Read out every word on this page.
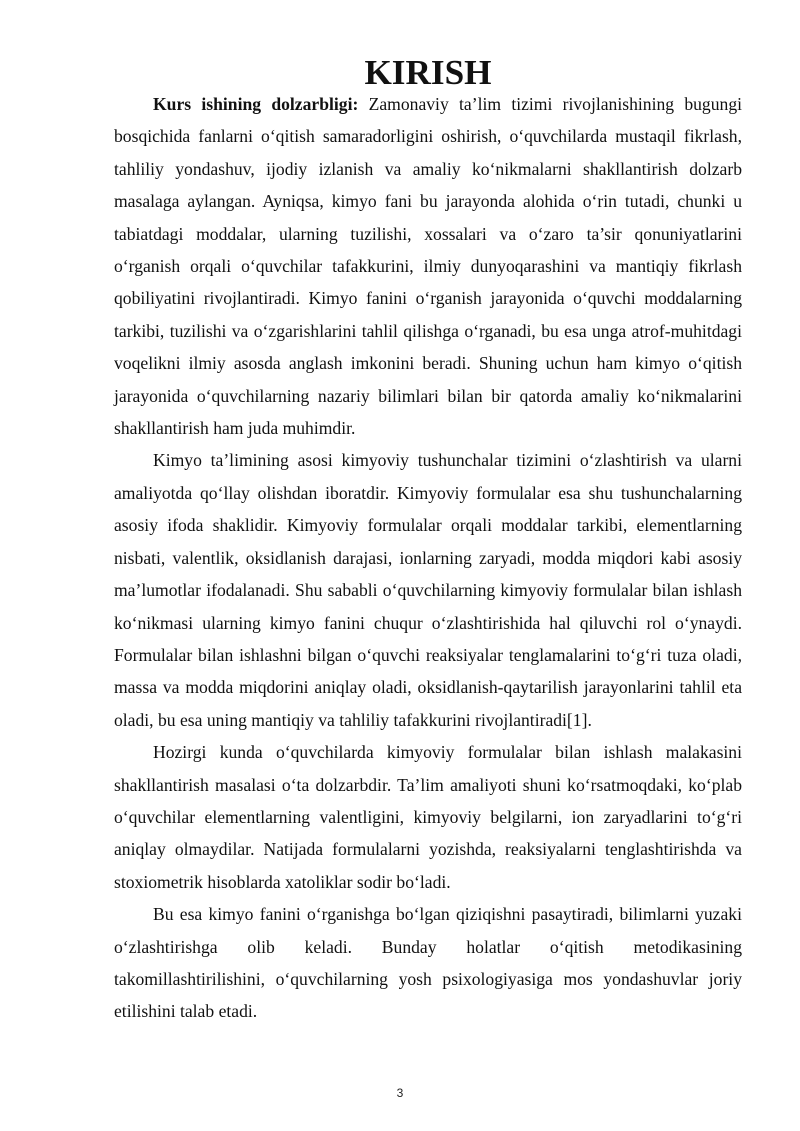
KIRISH

Kurs ishining dolzarbligi: Zamonaviy ta’lim tizimi rivojlanishining bugungi bosqichida fanlarni o‘qitish samaradorligini oshirish, o‘quvchilarda mustaqil fikrlash, tahliliy yondashuv, ijodiy izlanish va amaliy ko‘nikmalarni shakllantirish dolzarb masalaga aylangan. Ayniqsa, kimyo fani bu jarayonda alohida o‘rin tutadi, chunki u tabiatdagi moddalar, ularning tuzilishi, xossalari va o‘zaro ta’sir qonuniyatlarini o‘rganish orqali o‘quvchilar tafakkurini, ilmiy dunyoqarashini va mantiqiy fikrlash qobiliyatini rivojlantiradi. Kimyo fanini o‘rganish jarayonida o‘quvchi moddalarning tarkibi, tuzilishi va o‘zgarishlarini tahlil qilishga o‘rganadi, bu esa unga atrof-muhitdagi voqelikni ilmiy asosda anglash imkonini beradi. Shuning uchun ham kimyo o‘qitish jarayonida o‘quvchilarning nazariy bilimlari bilan bir qatorda amaliy ko‘nikmalarini shakllantirish ham juda muhimdir.

Kimyo ta’limining asosi kimyoviy tushunchalar tizimini o‘zlashtirish va ularni amaliyotda qo‘llay olishdan iboratdir. Kimyoviy formulalar esa shu tushunchalarning asosiy ifoda shaklidir. Kimyoviy formulalar orqali moddalar tarkibi, elementlarning nisbati, valentlik, oksidlanish darajasi, ionlarning zaryadi, modda miqdori kabi asosiy ma’lumotlar ifodalanadi. Shu sababli o‘quvchilarning kimyoviy formulalar bilan ishlash ko‘nikmasi ularning kimyo fanini chuqur o‘zlashtirishida hal qiluvchi rol o‘ynaydi. Formulalar bilan ishlashni bilgan o‘quvchi reaksiyalar tenglamalarini to‘g‘ri tuza oladi, massa va modda miqdorini aniqlay oladi, oksidlanish-qaytarilish jarayonlarini tahlil eta oladi, bu esa uning mantiqiy va tahliliy tafakkurini rivojlantiradi[1].

Hozirgi kunda o‘quvchilarda kimyoviy formulalar bilan ishlash malakasini shakllantirish masalasi o‘ta dolzarbdir. Ta’lim amaliyoti shuni ko‘rsatmoqdaki, ko‘plab o‘quvchilar elementlarning valentligini, kimyoviy belgilarni, ion zaryadlarini to‘g‘ri aniqlay olmaydilar. Natijada formulalarni yozishda, reaksiyalarni tenglashtirishda va stoxiometrik hisoblarda xatoliklar sodir bo‘ladi.

Bu esa kimyo fanini o‘rganishga bo‘lgan qiziqishni pasaytiradi, bilimlarni yuzaki o‘zlashtirishga olib keladi. Bunday holatlar o‘qitish metodikasining takomillashtirilishini, o‘quvchilarning yosh psixologiyasiga mos yondashuvlar joriy etilishini talab etadi.

3
